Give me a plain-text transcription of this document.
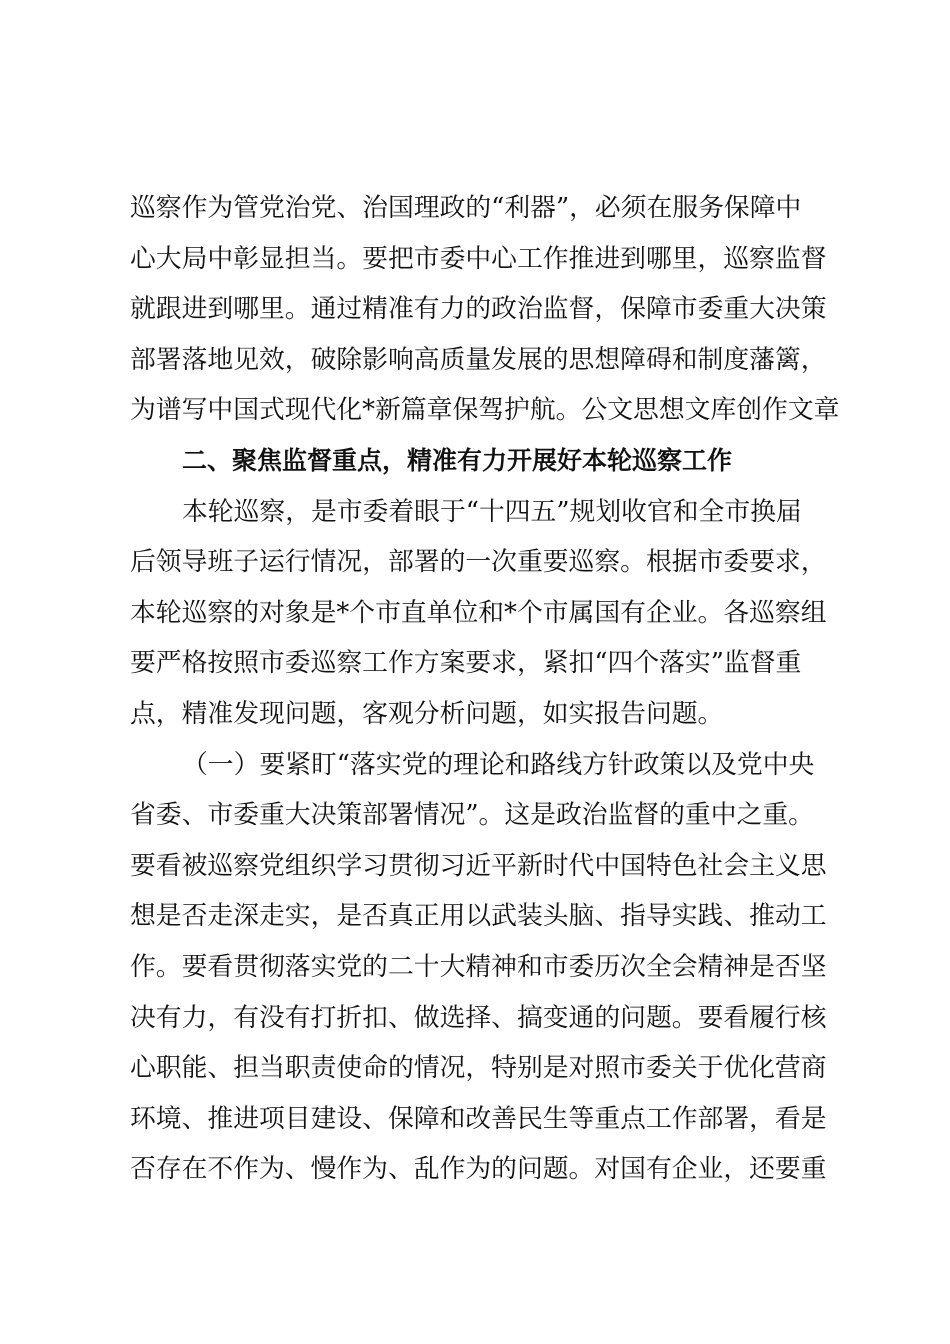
巡察作为管党治党、治国理政的“利器”，必须在服务保障中

心大局中彰显担当。要把市委中心工作推进到哪里，巡察监督

就跟进到哪里。通过精准有力的政治监督，保障市委重大决策

部署落地见效，破除影响高质量发展的思想障碍和制度藩篱，

为谱写中国式现代化*新篇章保驾护航。公文思想文库创作文章

二、聚焦监督重点，精准有力开展好本轮巡察工作

本轮巡察，是市委着眼于“十四五”规划收官和全市换届

后领导班子运行情况，部署的一次重要巡察。根据市委要求，

本轮巡察的对象是*个市直单位和*个市属国有企业。各巡察组

要严格按照市委巡察工作方案要求，紧扣“四个落实”监督重

点，精准发现问题，客观分析问题，如实报告问题。

（一）要紧盯“落实党的理论和路线方针政策以及党中央

省委、市委重大决策部署情况”。这是政治监督的重中之重。

要看被巡察党组织学习贯彻习近平新时代中国特色社会主义思

想是否走深走实，是否真正用以武装头脑、指导实践、推动工

作。要看贯彻落实党的二十大精神和市委历次全会精神是否坚

决有力，有没有打折扣、做选择、搞变通的问题。要看履行核

心职能、担当职责使命的情况，特别是对照市委关于优化营商

环境、推进项目建设、保障和改善民生等重点工作部署，看是

否存在不作为、慢作为、乱作为的问题。对国有企业，还要重
